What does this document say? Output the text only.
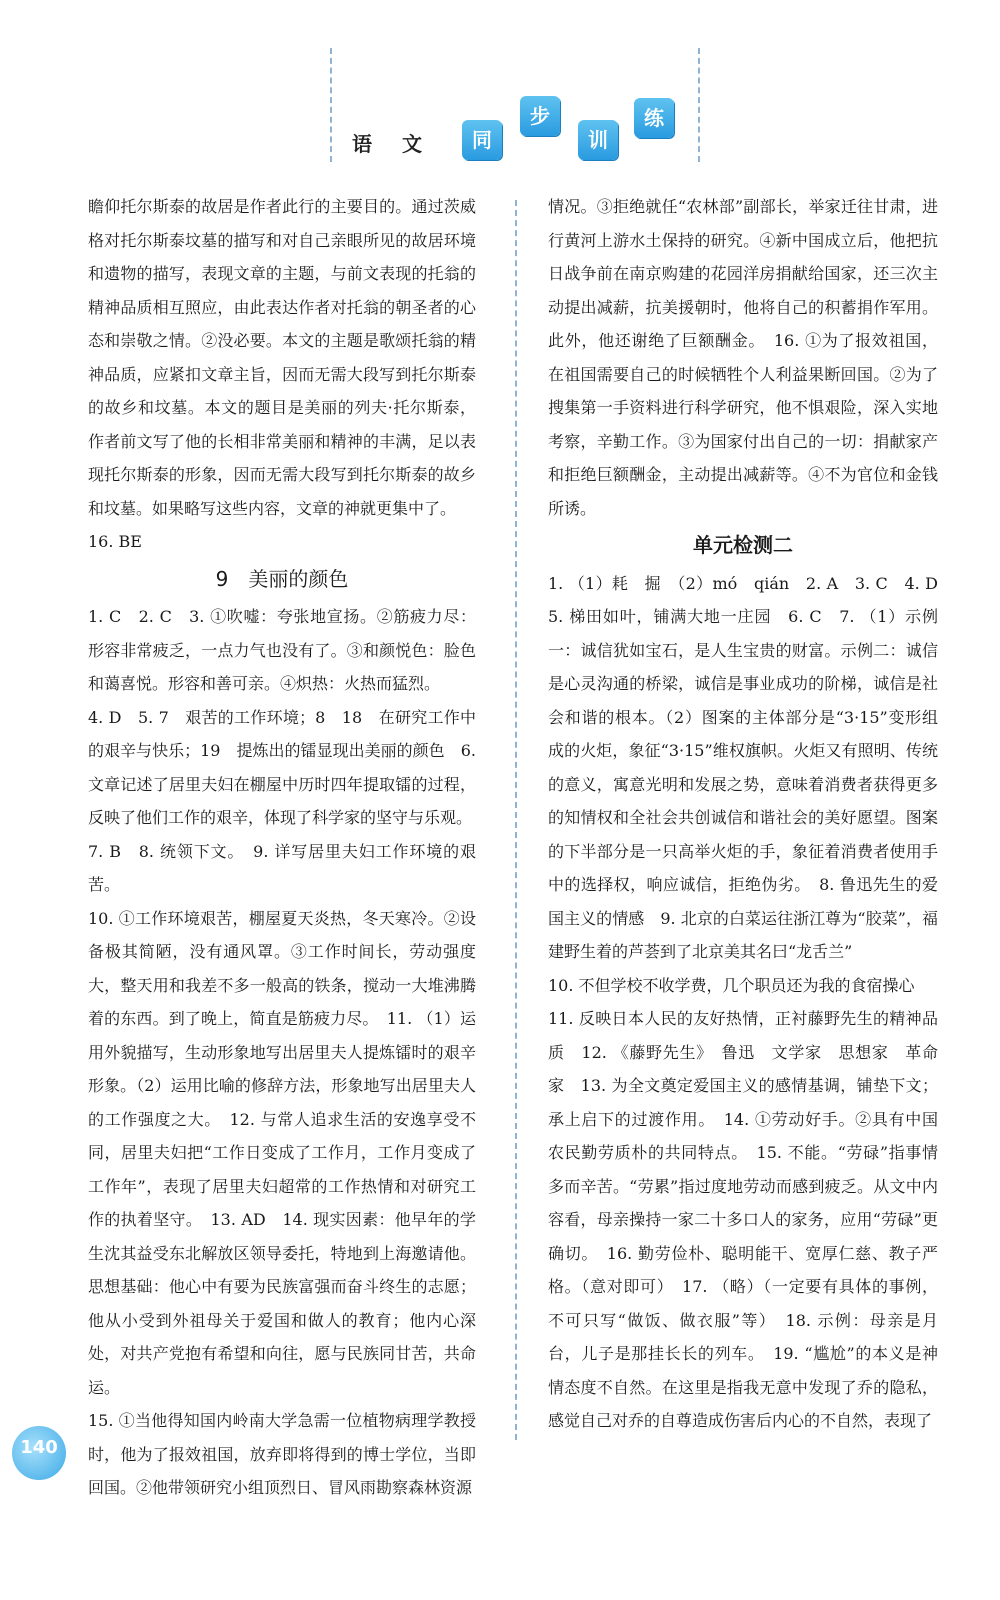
语文	同
步
训
练

瞻仰托尔斯泰的故居是作者此行的主要目的。通过茨威格对托尔斯泰坟墓的描写和对自己亲眼所见的故居环境和遗物的描写，表现文章的主题，与前文表现的托翁的精神品质相互照应，由此表达作者对托翁的朝圣者的心态和崇敬之情。②没必要。本文的主题是歌颂托翁的精神品质，应紧扣文章主旨，因而无需大段写到托尔斯泰的故乡和坟墓。本文的题目是美丽的列夫·托尔斯泰，作者前文写了他的长相非常美丽和精神的丰满，足以表现托尔斯泰的形象，因而无需大段写到托尔斯泰的故乡和坟墓。如果略写这些内容，文章的神就更集中了。

16. BE

9　美丽的颜色

1. C　2. C　3. ①吹嘘：夸张地宣扬。②筋疲力尽：形容非常疲乏，一点力气也没有了。③和颜悦色：脸色和蔼喜悦。形容和善可亲。④炽热：火热而猛烈。

4. D　5. 7　艰苦的工作环境；8　18　在研究工作中的艰辛与快乐；19　提炼出的镭显现出美丽的颜色　6. 文章记述了居里夫妇在棚屋中历时四年提取镭的过程，反映了他们工作的艰辛，体现了科学家的坚守与乐观。

7. B　8. 统领下文。　9. 详写居里夫妇工作环境的艰苦。

10. ①工作环境艰苦，棚屋夏天炎热，冬天寒冷。②设备极其简陋，没有通风罩。③工作时间长，劳动强度大，整天用和我差不多一般高的铁条，搅动一大堆沸腾着的东西。到了晚上，简直是筋疲力尽。　11. （1）运用外貌描写，生动形象地写出居里夫人提炼镭时的艰辛形象。（2）运用比喻的修辞方法，形象地写出居里夫人的工作强度之大。　12. 与常人追求生活的安逸享受不同，居里夫妇把“工作日变成了工作月，工作月变成了工作年”，表现了居里夫妇超常的工作热情和对研究工作的执着坚守。　13. AD　14. 现实因素：他早年的学生沈其益受东北解放区领导委托，特地到上海邀请他。思想基础：他心中有要为民族富强而奋斗终生的志愿；他从小受到外祖母关于爱国和做人的教育；他内心深处，对共产党抱有希望和向往，愿与民族同甘苦，共命运。

15. ①当他得知国内岭南大学急需一位植物病理学教授时，他为了报效祖国，放弃即将得到的博士学位，当即回国。②他带领研究小组顶烈日、冒风雨勘察森林资源

情况。③拒绝就任“农林部”副部长，举家迁往甘肃，进行黄河上游水土保持的研究。④新中国成立后，他把抗日战争前在南京购建的花园洋房捐献给国家，还三次主动提出减薪，抗美援朝时，他将自己的积蓄捐作军用。此外，他还谢绝了巨额酬金。　16. ①为了报效祖国，在祖国需要自己的时候牺牲个人利益果断回国。②为了搜集第一手资料进行科学研究，他不惧艰险，深入实地考察，辛勤工作。③为国家付出自己的一切：捐献家产和拒绝巨额酬金，主动提出减薪等。④不为官位和金钱所诱。

单元检测二

1. （1）耗　掘　（2）mó　qián　2. A　3. C　4. D　5. 梯田如叶，铺满大地一庄园　6. C　7. （1）示例一：诚信犹如宝石，是人生宝贵的财富。示例二：诚信是心灵沟通的桥梁，诚信是事业成功的阶梯，诚信是社会和谐的根本。（2）图案的主体部分是“3·15”变形组成的火炬，象征“3·15”维权旗帜。火炬又有照明、传统的意义，寓意光明和发展之势，意味着消费者获得更多的知情权和全社会共创诚信和谐社会的美好愿望。图案的下半部分是一只高举火炬的手，象征着消费者使用手中的选择权，响应诚信，拒绝伪劣。　8. 鲁迅先生的爱国主义的情感　9. 北京的白菜运往浙江尊为“胶菜”，福建野生着的芦荟到了北京美其名曰“龙舌兰”

10. 不但学校不收学费，几个职员还为我的食宿操心

11. 反映日本人民的友好热情，正衬藤野先生的精神品质　12. 《藤野先生》　鲁迅　文学家　思想家　革命家　13. 为全文奠定爱国主义的感情基调，铺垫下文；承上启下的过渡作用。　14. ①劳动好手。②具有中国农民勤劳质朴的共同特点。　15. 不能。“劳碌”指事情多而辛苦。“劳累”指过度地劳动而感到疲乏。从文中内容看，母亲操持一家二十多口人的家务，应用“劳碌”更确切。　16. 勤劳俭朴、聪明能干、宽厚仁慈、教子严格。（意对即可）　17. （略）（一定要有具体的事例，不可只写“做饭、做衣服”等）　18. 示例：母亲是月台，儿子是那挂长长的列车。　19. “尴尬”的本义是神情态度不自然。在这里是指我无意中发现了乔的隐私，感觉自己对乔的自尊造成伤害后内心的不自然，表现了

140
